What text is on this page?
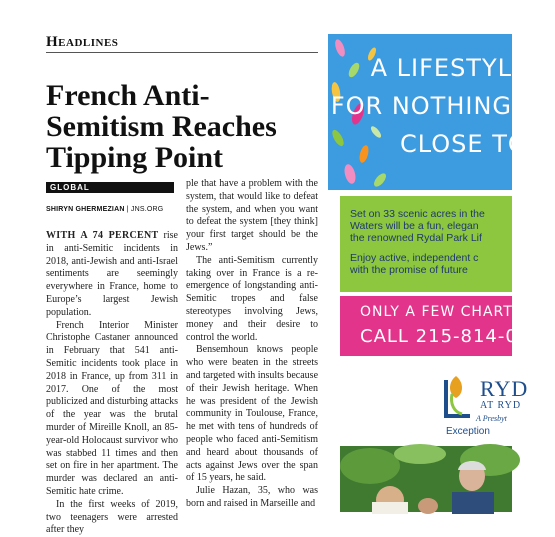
Headlines
French Anti-Semitism Reaches Tipping Point
GLOBAL
SHIRYN GHERMEZIAN | JNS.ORG

WITH A 74 PERCENT rise in anti-Semitic incidents in 2018, anti-Jewish and anti-Israel sentiments are seemingly everywhere in France, home to Europe’s largest Jewish population.

French Interior Minister Christophe Castaner announced in February that 541 anti-Semitic incidents took place in 2018 in France, up from 311 in 2017. One of the most publicized and disturbing attacks of the year was the brutal murder of Mireille Knoll, an 85-year-old Holocaust survivor who was stabbed 11 times and then set on fire in her apartment. The murder was declared an anti-Semitic hate crime.

In the first weeks of 2019, two teenagers were arrested after they

ple that have a problem with the system, that would like to defeat the system, and when you want to defeat the system [they think] your first target should be the Jews.”

The anti-Semitism currently taking over in France is a re-emergence of longstanding anti-Semitic tropes and false stereotypes involving Jews, money and their desire to control the world.

Bensemhoun knows people who were beaten in the streets and targeted with insults because of their Jewish heritage. When he was president of the Jewish community in Toulouse, France, he met with tens of hundreds of people who faced anti-Semitism and heard about thousands of acts against Jews over the span of 15 years, he said.

Julie Hazan, 35, who was born and raised in Marseille and

A LIFESTYL
FOR NOTHING
CLOSE TO
Set on 33 scenic acres in the
Waters will be a fun, elegan
the renowned Rydal Park Lif
Enjoy active, independent c
with the promise of future
ONLY A FEW CHARTER
CALL 215-814-0355
RYD
AT RYD
A Presbyt
Exception
